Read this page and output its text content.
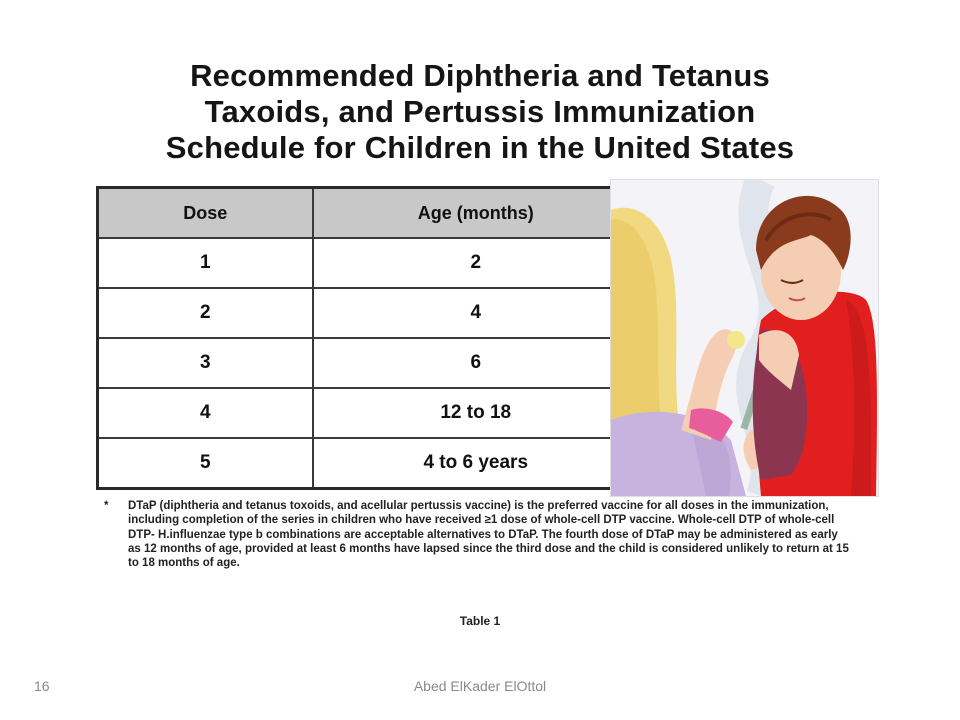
Recommended Diphtheria and Tetanus
Taxoids, and Pertussis Immunization
Schedule for Children in the United States
Dose	Age (months)
1	2
2	4
3	6
4	12 to 18
5	4 to 6 years
* DTaP (diphtheria and tetanus toxoids, and acellular pertussis vaccine) is the preferred vaccine for all doses in the immunization, including completion of the series in children who have received ≥1 dose of whole-cell DTP vaccine. Whole-cell DTP of whole-cell DTP- H.influenzae type b combinations are acceptable alternatives to DTaP. The fourth dose of DTaP may be administered as early as 12 months of age, provided at least 6 months have lapsed since the third dose and the child is considered unlikely to return at 15 to 18 months of age.
Table 1
16	Abed ElKader ElOttol
